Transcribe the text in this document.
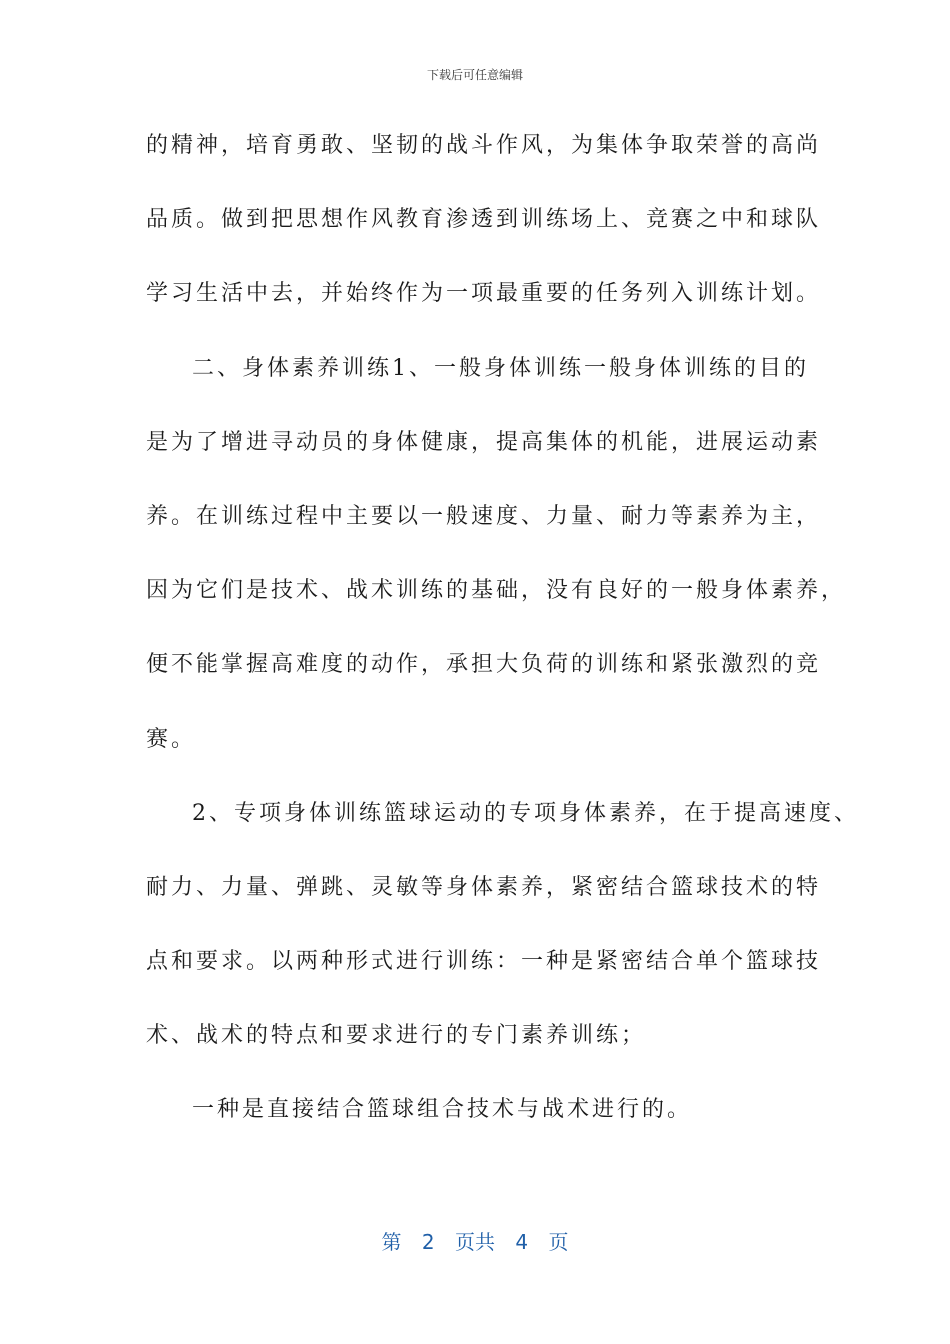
下载后可任意编辑
的精神，培育勇敢、坚韧的战斗作风，为集体争取荣誉的高尚
品质。做到把思想作风教育渗透到训练场上、竞赛之中和球队
学习生活中去，并始终作为一项最重要的任务列入训练计划。
二、身体素养训练1、一般身体训练一般身体训练的目的
是为了增进寻动员的身体健康，提高集体的机能，进展运动素
养。在训练过程中主要以一般速度、力量、耐力等素养为主，
因为它们是技术、战术训练的基础，没有良好的一般身体素养，
便不能掌握高难度的动作，承担大负荷的训练和紧张激烈的竞
赛。
2、专项身体训练篮球运动的专项身体素养，在于提高速度、
耐力、力量、弹跳、灵敏等身体素养，紧密结合篮球技术的特
点和要求。以两种形式进行训练：一种是紧密结合单个篮球技
术、战术的特点和要求进行的专门素养训练；
一种是直接结合篮球组合技术与战术进行的。
第 2 页共 4 页
